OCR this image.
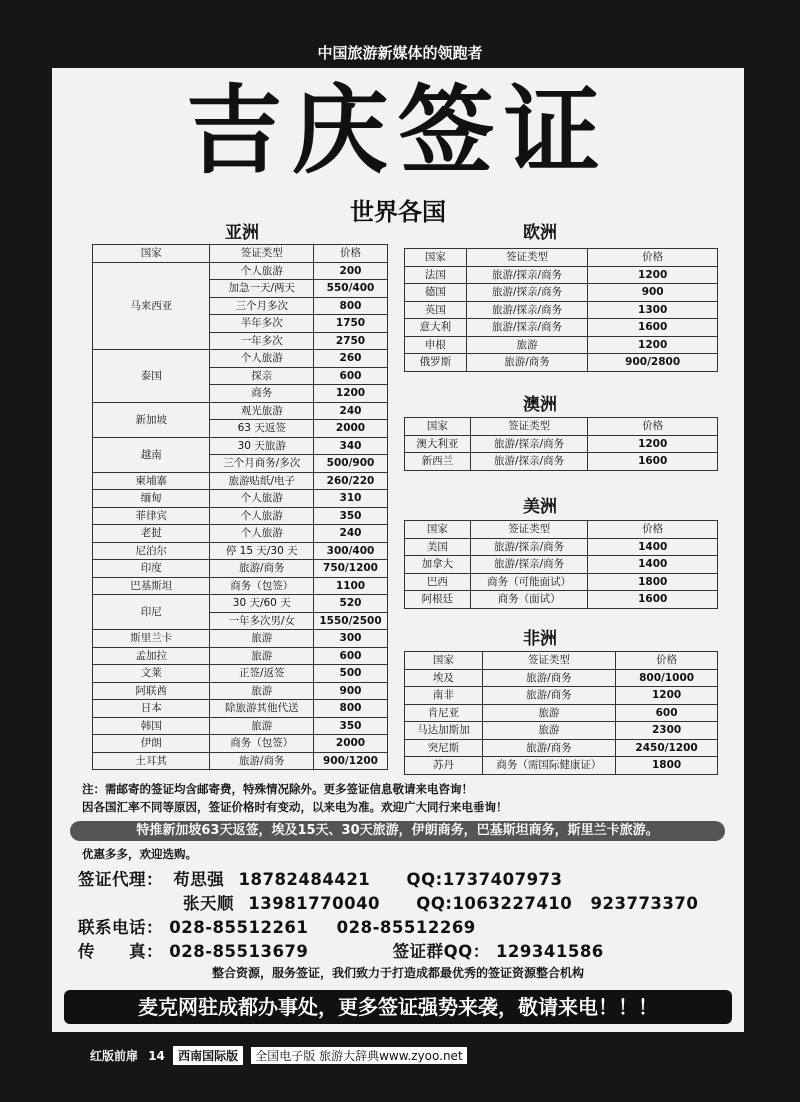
中国旅游新媒体的领跑者
吉庆签证
世界各国
亚洲
国家	签证类型	价格
马来西亚	个人旅游	200
	加急一天/两天	550/400
	三个月多次	800
	半年多次	1750
	一年多次	2750
泰国	个人旅游	260
	探亲	600
	商务	1200
新加坡	观光旅游	240
	63 天返签	2000
越南	30 天旅游	340
	三个月商务/多次	500/900
柬埔寨	旅游贴纸/电子	260/220
缅甸	个人旅游	310
菲律宾	个人旅游	350
老挝	个人旅游	240
尼泊尔	停 15 天/30 天	300/400
印度	旅游/商务	750/1200
巴基斯坦	商务（包签）	1100
印尼	30 天/60 天	520
	一年多次男/女	1550/2500
斯里兰卡	旅游	300
孟加拉	旅游	600
文莱	正签/返签	500
阿联酋	旅游	900
日本	除旅游其他代送	800
韩国	旅游	350
伊朗	商务（包签）	2000
土耳其	旅游/商务	900/1200
欧洲
国家	签证类型	价格
法国	旅游/探亲/商务	1200
德国	旅游/探亲/商务	900
英国	旅游/探亲/商务	1300
意大利	旅游/探亲/商务	1600
申根	旅游	1200
俄罗斯	旅游/商务	900/2800
澳洲
国家	签证类型	价格
澳大利亚	旅游/探亲/商务	1200
新西兰	旅游/探亲/商务	1600
美洲
国家	签证类型	价格
美国	旅游/探亲/商务	1400
加拿大	旅游/探亲/商务	1400
巴西	商务（可能面试）	1800
阿根廷	商务（面试）	1600
非洲
国家	签证类型	价格
埃及	旅游/商务	800/1000
南非	旅游/商务	1200
肯尼亚	旅游	600
马达加斯加	旅游	2300
突尼斯	旅游/商务	2450/1200
苏丹	商务（需国际健康证）	1800
注：需邮寄的签证均含邮寄费，特殊情况除外。更多签证信息敬请来电咨询！
因各国汇率不同等原因，签证价格时有变动，以来电为准。欢迎广大同行来电垂询！
特推新加坡63天返签，埃及15天、30天旅游，伊朗商务，巴基斯坦商务，斯里兰卡旅游。
优惠多多，欢迎选购。
签证代理： 苟思强 18782484421 QQ:1737407973
张天顺 13981770040 QQ:1063227410 923773370
联系电话： 028-85512261 028-85512269
传　　真： 028-85513679	签证群QQ： 129341586
整合资源，服务签证，我们致力于打造成都最优秀的签证资源整合机构
麦克网驻成都办事处，更多签证强势来袭，敬请来电！！！
红版前扉 14 西南国际版 全国电子版 旅游大辞典www.zyoo.net
